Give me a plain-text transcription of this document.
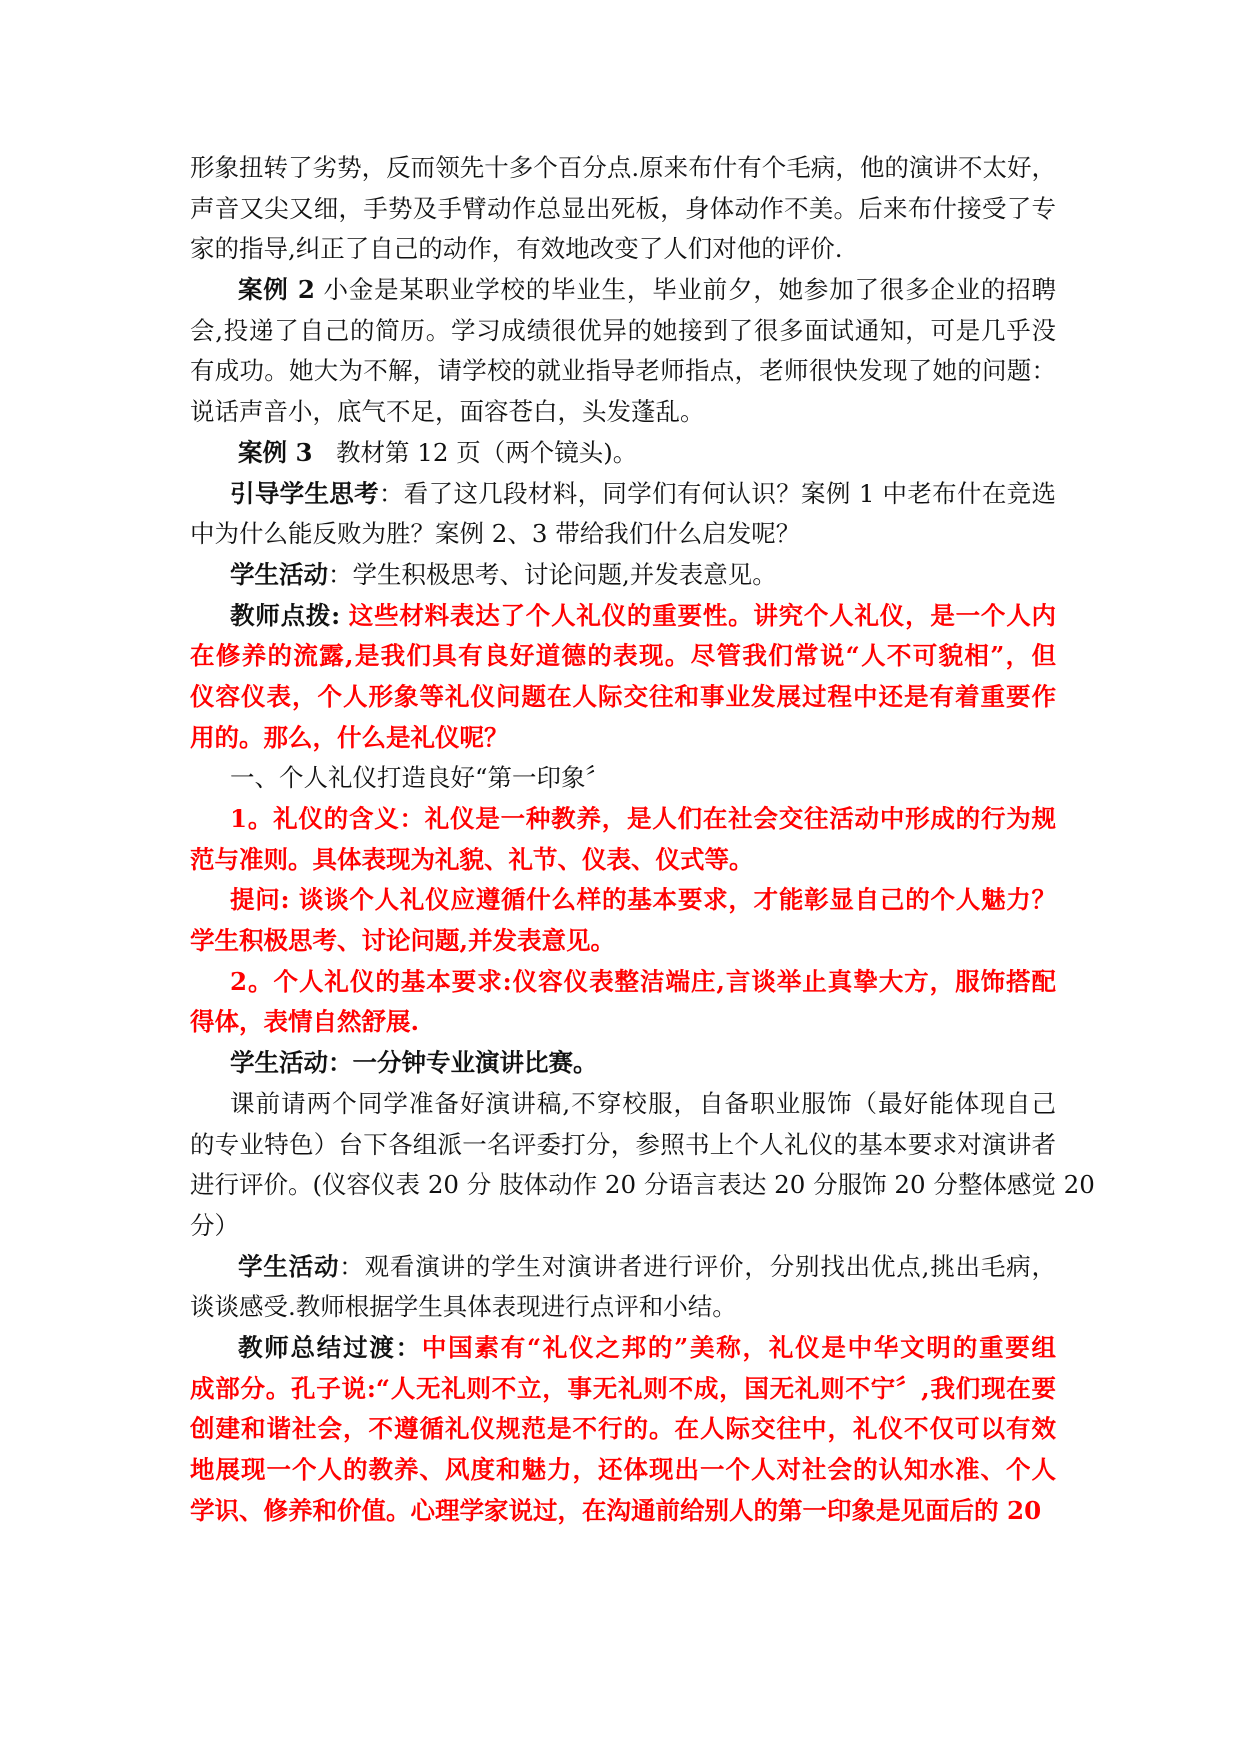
形象扭转了劣势，反而领先十多个百分点.原来布什有个毛病，他的演讲不太好，
声音又尖又细，手势及手臂动作总显出死板，身体动作不美。后来布什接受了专
家的指导,纠正了自己的动作，有效地改变了人们对他的评价.
案例 2 小金是某职业学校的毕业生，毕业前夕，她参加了很多企业的招聘
会,投递了自己的简历。学习成绩很优异的她接到了很多面试通知，可是几乎没
有成功。她大为不解，请学校的就业指导老师指点，老师很快发现了她的问题：
说话声音小，底气不足，面容苍白，头发蓬乱。
案例 3 教材第 12 页（两个镜头)。
引导学生思考：看了这几段材料，同学们有何认识？案例 1 中老布什在竞选
中为什么能反败为胜？案例 2、3 带给我们什么启发呢？
学生活动：学生积极思考、讨论问题,并发表意见。
教师点拨: 这些材料表达了个人礼仪的重要性。讲究个人礼仪，是一个人内
在修养的流露,是我们具有良好道德的表现。尽管我们常说“人不可貌相”，但
仪容仪表，个人形象等礼仪问题在人际交往和事业发展过程中还是有着重要作
用的。那么，什么是礼仪呢？
一、个人礼仪打造良好“第一印象〞
1。礼仪的含义：礼仪是一种教养，是人们在社会交往活动中形成的行为规
范与准则。具体表现为礼貌、礼节、仪表、仪式等。
提问: 谈谈个人礼仪应遵循什么样的基本要求，才能彰显自己的个人魅力？
学生积极思考、讨论问题,并发表意见。
2。个人礼仪的基本要求:仪容仪表整洁端庄,言谈举止真挚大方，服饰搭配
得体，表情自然舒展.
学生活动：一分钟专业演讲比赛。
课前请两个同学准备好演讲稿,不穿校服，自备职业服饰（最好能体现自己
的专业特色）台下各组派一名评委打分，参照书上个人礼仪的基本要求对演讲者
进行评价。(仪容仪表 20 分 肢体动作 20 分语言表达 20 分服饰 20 分整体感觉 20
分）
学生活动：观看演讲的学生对演讲者进行评价，分别找出优点,挑出毛病，
谈谈感受.教师根据学生具体表现进行点评和小结。
教师总结过渡：中国素有“礼仪之邦的”美称，礼仪是中华文明的重要组
成部分。孔子说:“人无礼则不立，事无礼则不成，国无礼则不宁〞,我们现在要
创建和谐社会，不遵循礼仪规范是不行的。在人际交往中，礼仪不仅可以有效
地展现一个人的教养、风度和魅力，还体现出一个人对社会的认知水准、个人
学识、修养和价值。心理学家说过，在沟通前给别人的第一印象是见面后的 20
